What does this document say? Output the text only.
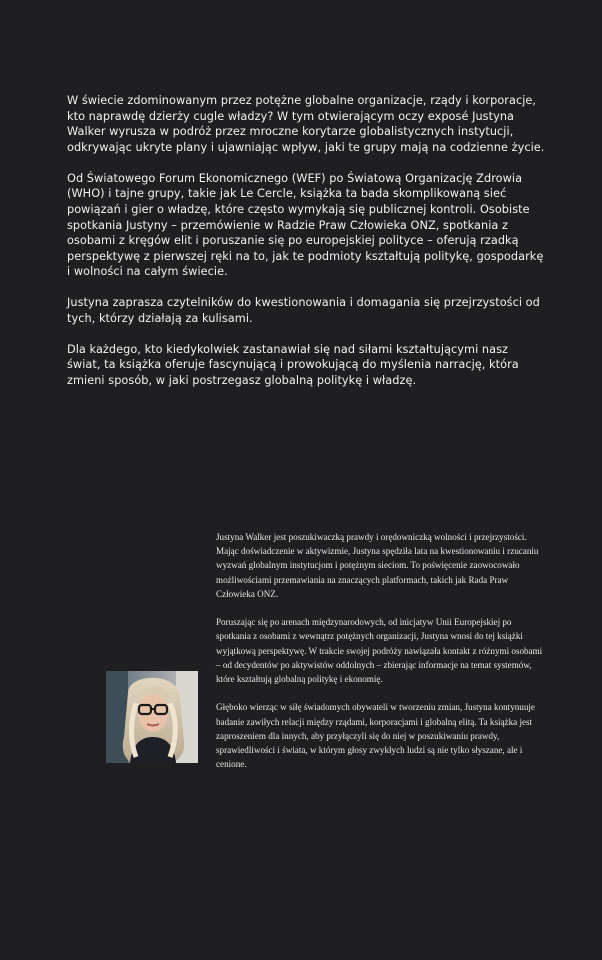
W świecie zdominowanym przez potężne globalne organizacje, rządy i korporacje, kto naprawdę dzierży cugle władzy? W tym otwierającym oczy exposé Justyna Walker wyrusza w podróż przez mroczne korytarze globalistycznych instytucji, odkrywając ukryte plany i ujawniając wpływ, jaki te grupy mają na codzienne życie.

Od Światowego Forum Ekonomicznego (WEF) po Światową Organizację Zdrowia (WHO) i tajne grupy, takie jak Le Cercle, książka ta bada skomplikowaną sieć powiązań i gier o władzę, które często wymykają się publicznej kontroli. Osobiste spotkania Justyny – przemówienie w Radzie Praw Człowieka ONZ, spotkania z osobami z kręgów elit i poruszanie się po europejskiej polityce – oferują rzadką perspektywę z pierwszej ręki na to, jak te podmioty kształtują politykę, gospodarkę i wolności na całym świecie.

Justyna zaprasza czytelników do kwestionowania i domagania się przejrzystości od tych, którzy działają za kulisami.

Dla każdego, kto kiedykolwiek zastanawiał się nad siłami kształtującymi nasz świat, ta książka oferuje fascynującą i prowokującą do myślenia narrację, która zmieni sposób, w jaki postrzegasz globalną politykę i władzę.

Justyna Walker jest poszukiwaczką prawdy i orędowniczką wolności i przejrzystości. Mając doświadczenie w aktywizmie, Justyna spędziła lata na kwestionowaniu i rzucaniu wyzwań globalnym instytucjom i potężnym sieciom. To poświęcenie zaowocowało możliwościami przemawiania na znaczących platformach, takich jak Rada Praw Człowieka ONZ.

Poruszając się po arenach międzynarodowych, od inicjatyw Unii Europejskiej po spotkania z osobami z wewnątrz potężnych organizacji, Justyna wnosi do tej książki wyjątkową perspektywę. W trakcie swojej podróży nawiązała kontakt z różnymi osobami – od decydentów po aktywistów oddolnych – zbierając informacje na temat systemów, które kształtują globalną politykę i ekonomię.

Głęboko wierząc w siłę świadomych obywateli w tworzeniu zmian, Justyna kontynuuje badanie zawiłych relacji między rządami, korporacjami i globalną elitą. Ta książka jest zaproszeniem dla innych, aby przyłączyli się do niej w poszukiwaniu prawdy, sprawiedliwości i świata, w którym głosy zwykłych ludzi są nie tylko słyszane, ale i cenione.
